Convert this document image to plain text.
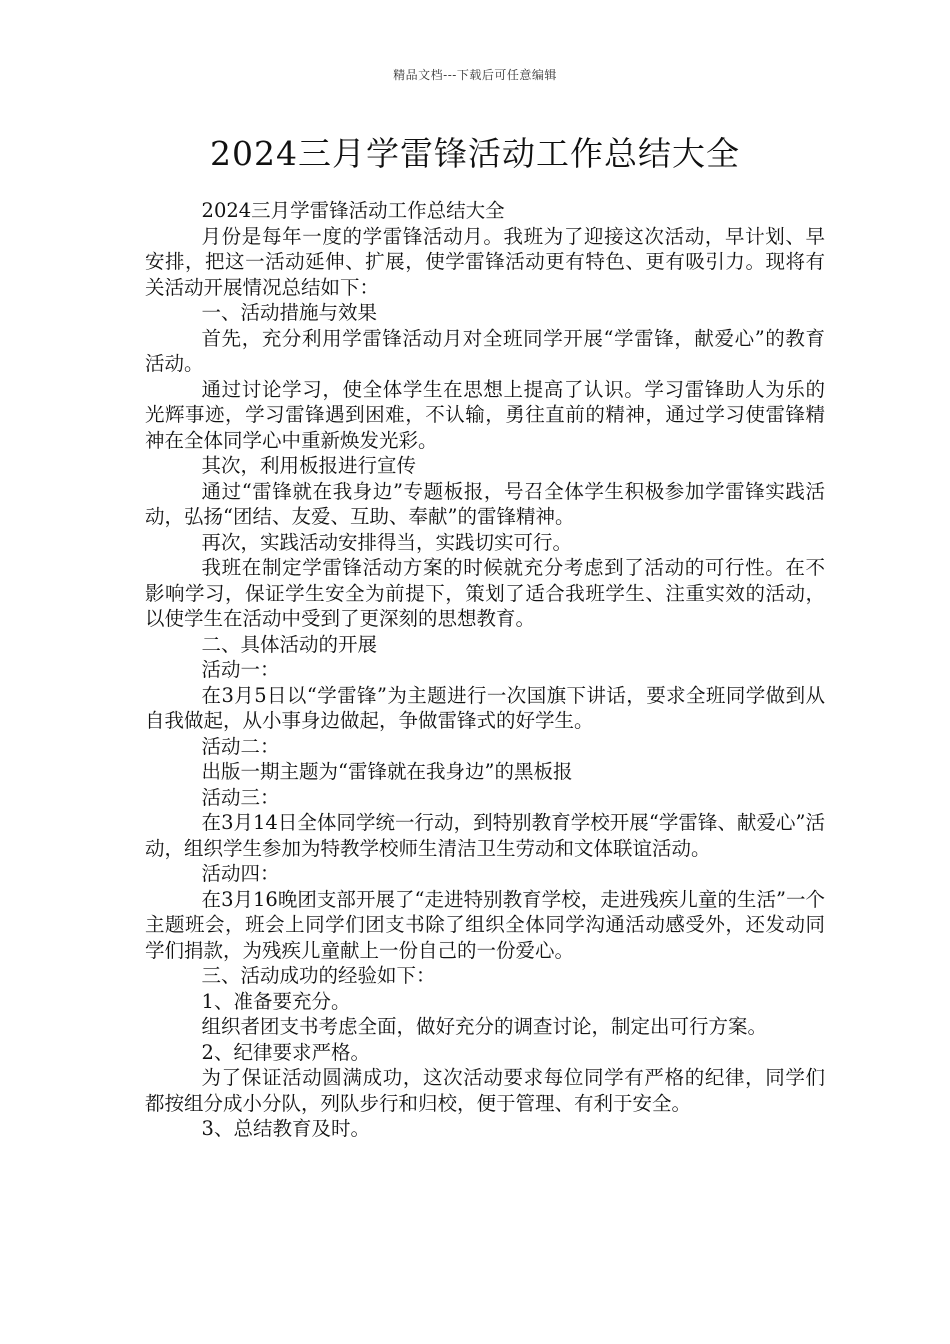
精品文档---下载后可任意编辑
2024三月学雷锋活动工作总结大全

2024三月学雷锋活动工作总结大全

月份是每年一度的学雷锋活动月。我班为了迎接这次活动，早计划、早安排，把这一活动延伸、扩展，使学雷锋活动更有特色、更有吸引力。现将有关活动开展情况总结如下：

一、活动措施与效果

首先，充分利用学雷锋活动月对全班同学开展“学雷锋，献爱心”的教育活动。

通过讨论学习，使全体学生在思想上提高了认识。学习雷锋助人为乐的光辉事迹，学习雷锋遇到困难，不认输，勇往直前的精神，通过学习使雷锋精神在全体同学心中重新焕发光彩。

其次，利用板报进行宣传

通过“雷锋就在我身边”专题板报，号召全体学生积极参加学雷锋实践活动，弘扬“团结、友爱、互助、奉献”的雷锋精神。

再次，实践活动安排得当，实践切实可行。

我班在制定学雷锋活动方案的时候就充分考虑到了活动的可行性。在不影响学习，保证学生安全为前提下，策划了适合我班学生、注重实效的活动，以使学生在活动中受到了更深刻的思想教育。

二、具体活动的开展

活动一：

在3月5日以“学雷锋”为主题进行一次国旗下讲话，要求全班同学做到从自我做起，从小事身边做起，争做雷锋式的好学生。

活动二：

出版一期主题为“雷锋就在我身边”的黑板报

活动三：

在3月14日全体同学统一行动，到特别教育学校开展“学雷锋、献爱心”活动，组织学生参加为特教学校师生清洁卫生劳动和文体联谊活动。

活动四：

在3月16晚团支部开展了“走进特别教育学校，走进残疾儿童的生活”一个主题班会，班会上同学们团支书除了组织全体同学沟通活动感受外，还发动同学们捐款，为残疾儿童献上一份自己的一份爱心。

三、活动成功的经验如下：

1、准备要充分。

组织者团支书考虑全面，做好充分的调查讨论，制定出可行方案。

2、纪律要求严格。

为了保证活动圆满成功，这次活动要求每位同学有严格的纪律，同学们都按组分成小分队，列队步行和归校，便于管理、有利于安全。

3、总结教育及时。
